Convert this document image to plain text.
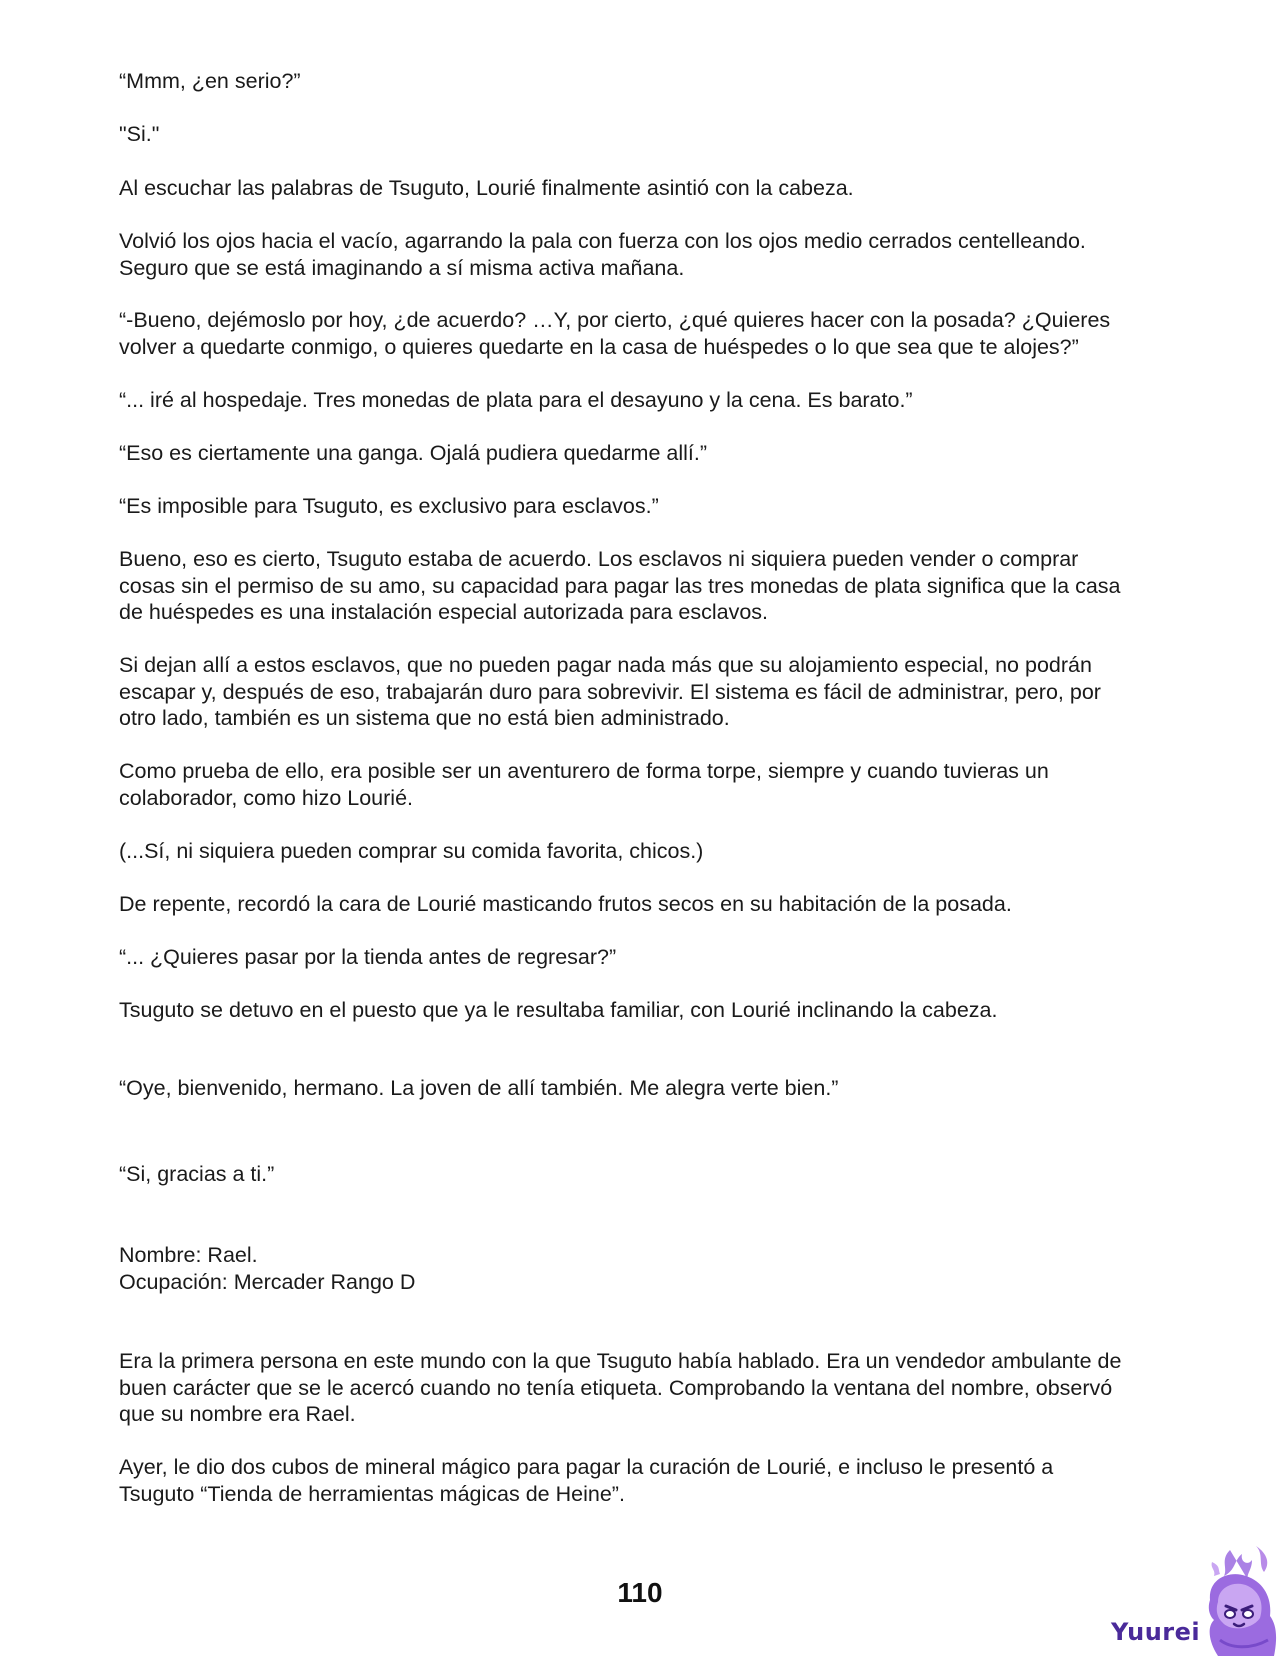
“Mmm, ¿en serio?”

"Si."

Al escuchar las palabras de Tsuguto, Lourié finalmente asintió con la cabeza.

Volvió los ojos hacia el vacío, agarrando la pala con fuerza con los ojos medio cerrados centelleando.
Seguro que se está imaginando a sí misma activa mañana.

“-Bueno, dejémoslo por hoy, ¿de acuerdo? …Y, por cierto, ¿qué quieres hacer con la posada? ¿Quieres
volver a quedarte conmigo, o quieres quedarte en la casa de huéspedes o lo que sea que te alojes?”

“... iré al hospedaje. Tres monedas de plata para el desayuno y la cena. Es barato.”

“Eso es ciertamente una ganga. Ojalá pudiera quedarme allí.”

“Es imposible para Tsuguto, es exclusivo para esclavos.”

Bueno, eso es cierto, Tsuguto estaba de acuerdo. Los esclavos ni siquiera pueden vender o comprar
cosas sin el permiso de su amo, su capacidad para pagar las tres monedas de plata significa que la casa
de huéspedes es una instalación especial autorizada para esclavos.

Si dejan allí a estos esclavos, que no pueden pagar nada más que su alojamiento especial, no podrán
escapar y, después de eso, trabajarán duro para sobrevivir. El sistema es fácil de administrar, pero, por
otro lado, también es un sistema que no está bien administrado.

Como prueba de ello, era posible ser un aventurero de forma torpe, siempre y cuando tuvieras un
colaborador, como hizo Lourié.

(...Sí, ni siquiera pueden comprar su comida favorita, chicos.)

De repente, recordó la cara de Lourié masticando frutos secos en su habitación de la posada.

“... ¿Quieres pasar por la tienda antes de regresar?”

Tsuguto se detuvo en el puesto que ya le resultaba familiar, con Lourié inclinando la cabeza.

“Oye, bienvenido, hermano. La joven de allí también. Me alegra verte bien.”

“Si, gracias a ti.”

Nombre: Rael.
Ocupación: Mercader Rango D

Era la primera persona en este mundo con la que Tsuguto había hablado. Era un vendedor ambulante de
buen carácter que se le acercó cuando no tenía etiqueta. Comprobando la ventana del nombre, observó
que su nombre era Rael.

Ayer, le dio dos cubos de mineral mágico para pagar la curación de Lourié, e incluso le presentó a
Tsuguto “Tienda de herramientas mágicas de Heine”.

110
Yuurei
